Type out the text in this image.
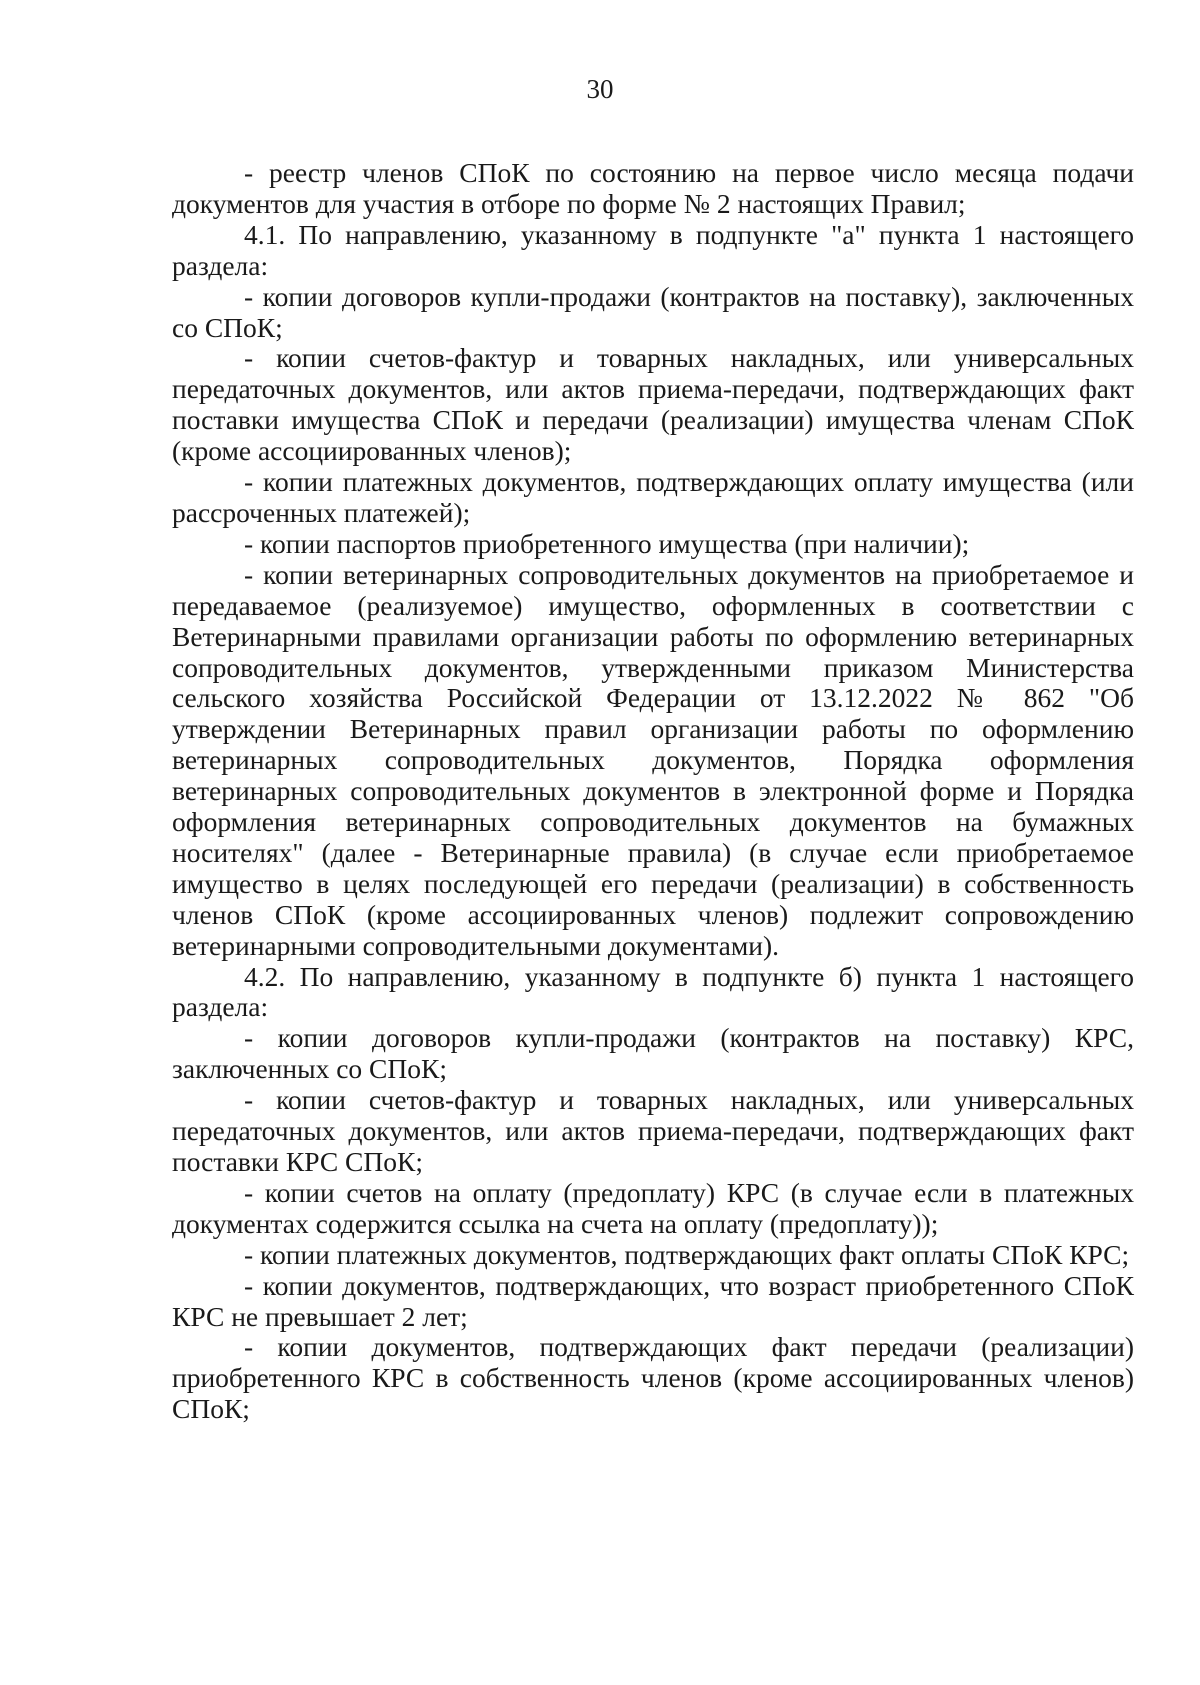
30

- реестр членов СПоК по состоянию на первое число месяца подачи документов для участия в отборе по форме № 2 настоящих Правил;

4.1. По направлению, указанному в подпункте "а" пункта 1 настоящего раздела:

- копии договоров купли-продажи (контрактов на поставку), заключенных со СПоК;

- копии счетов-фактур и товарных накладных, или универсальных передаточных документов, или актов приема-передачи, подтверждающих факт поставки имущества СПоК и передачи (реализации) имущества членам СПоК (кроме ассоциированных членов);

- копии платежных документов, подтверждающих оплату имущества (или рассроченных платежей);

- копии паспортов приобретенного имущества (при наличии);

- копии ветеринарных сопроводительных документов на приобретаемое и передаваемое (реализуемое) имущество, оформленных в соответствии с Ветеринарными правилами организации работы по оформлению ветеринарных сопроводительных документов, утвержденными приказом Министерства сельского хозяйства Российской Федерации от 13.12.2022 № 862 "Об утверждении Ветеринарных правил организации работы по оформлению ветеринарных сопроводительных документов, Порядка оформления ветеринарных сопроводительных документов в электронной форме и Порядка оформления ветеринарных сопроводительных документов на бумажных носителях" (далее - Ветеринарные правила) (в случае если приобретаемое имущество в целях последующей его передачи (реализации) в собственность членов СПоК (кроме ассоциированных членов) подлежит сопровождению ветеринарными сопроводительными документами).

4.2. По направлению, указанному в подпункте б) пункта 1 настоящего раздела:

- копии договоров купли-продажи (контрактов на поставку) КРС, заключенных со СПоК;

- копии счетов-фактур и товарных накладных, или универсальных передаточных документов, или актов приема-передачи, подтверждающих факт поставки КРС СПоК;

- копии счетов на оплату (предоплату) КРС (в случае если в платежных документах содержится ссылка на счета на оплату (предоплату));

- копии платежных документов, подтверждающих факт оплаты СПоК КРС;

- копии документов, подтверждающих, что возраст приобретенного СПоК КРС не превышает 2 лет;

- копии документов, подтверждающих факт передачи (реализации) приобретенного КРС в собственность членов (кроме ассоциированных членов) СПоК;
